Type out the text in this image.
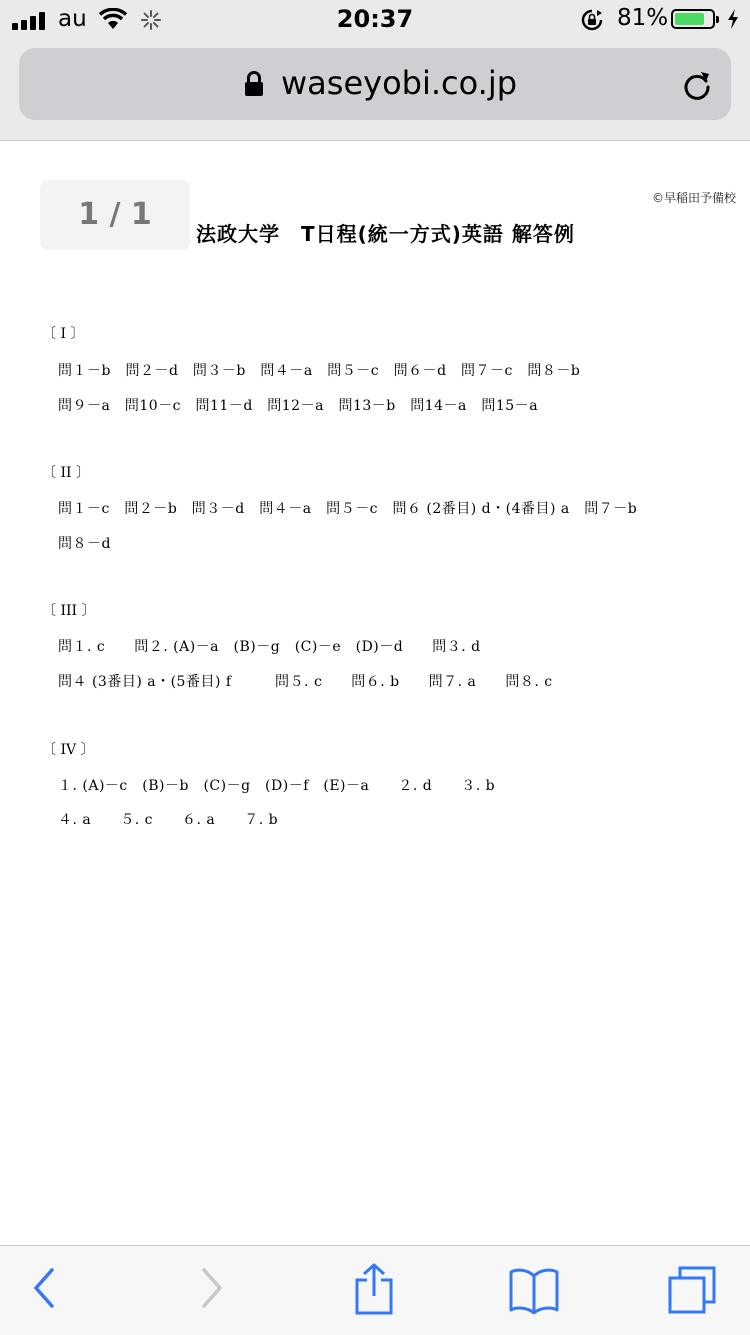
au	20:37	81%
waseyobi.co.jp
1 / 1	©早稲田予備校
法政大学　T日程(統一方式)英語 解答例
〔 I 〕
問１－b　問２－d　問３－b　問４－a　問５－c　問６－d　問７－c　問８－b
問９－a　問10－c　問11－d　問12－a　問13－b　問14－a　問15－a
〔 II 〕
問１－c　問２－b　問３－d　問４－a　問５－c　問６ (2番目) d・(4番目) a　問７－b
問８－d
〔 III 〕
問１. c　　問２. (A)－a　(B)－g　(C)－e　(D)－d　　問３. d
問４ (3番目) a・(5番目) f　　　問５. c　　問６. b　　問７. a　　問８. c
〔 IV 〕
１. (A)－c　(B)－b　(C)－g　(D)－f　(E)－a　　２. d　　３. b
４. a　　５. c　　６. a　　７. b
